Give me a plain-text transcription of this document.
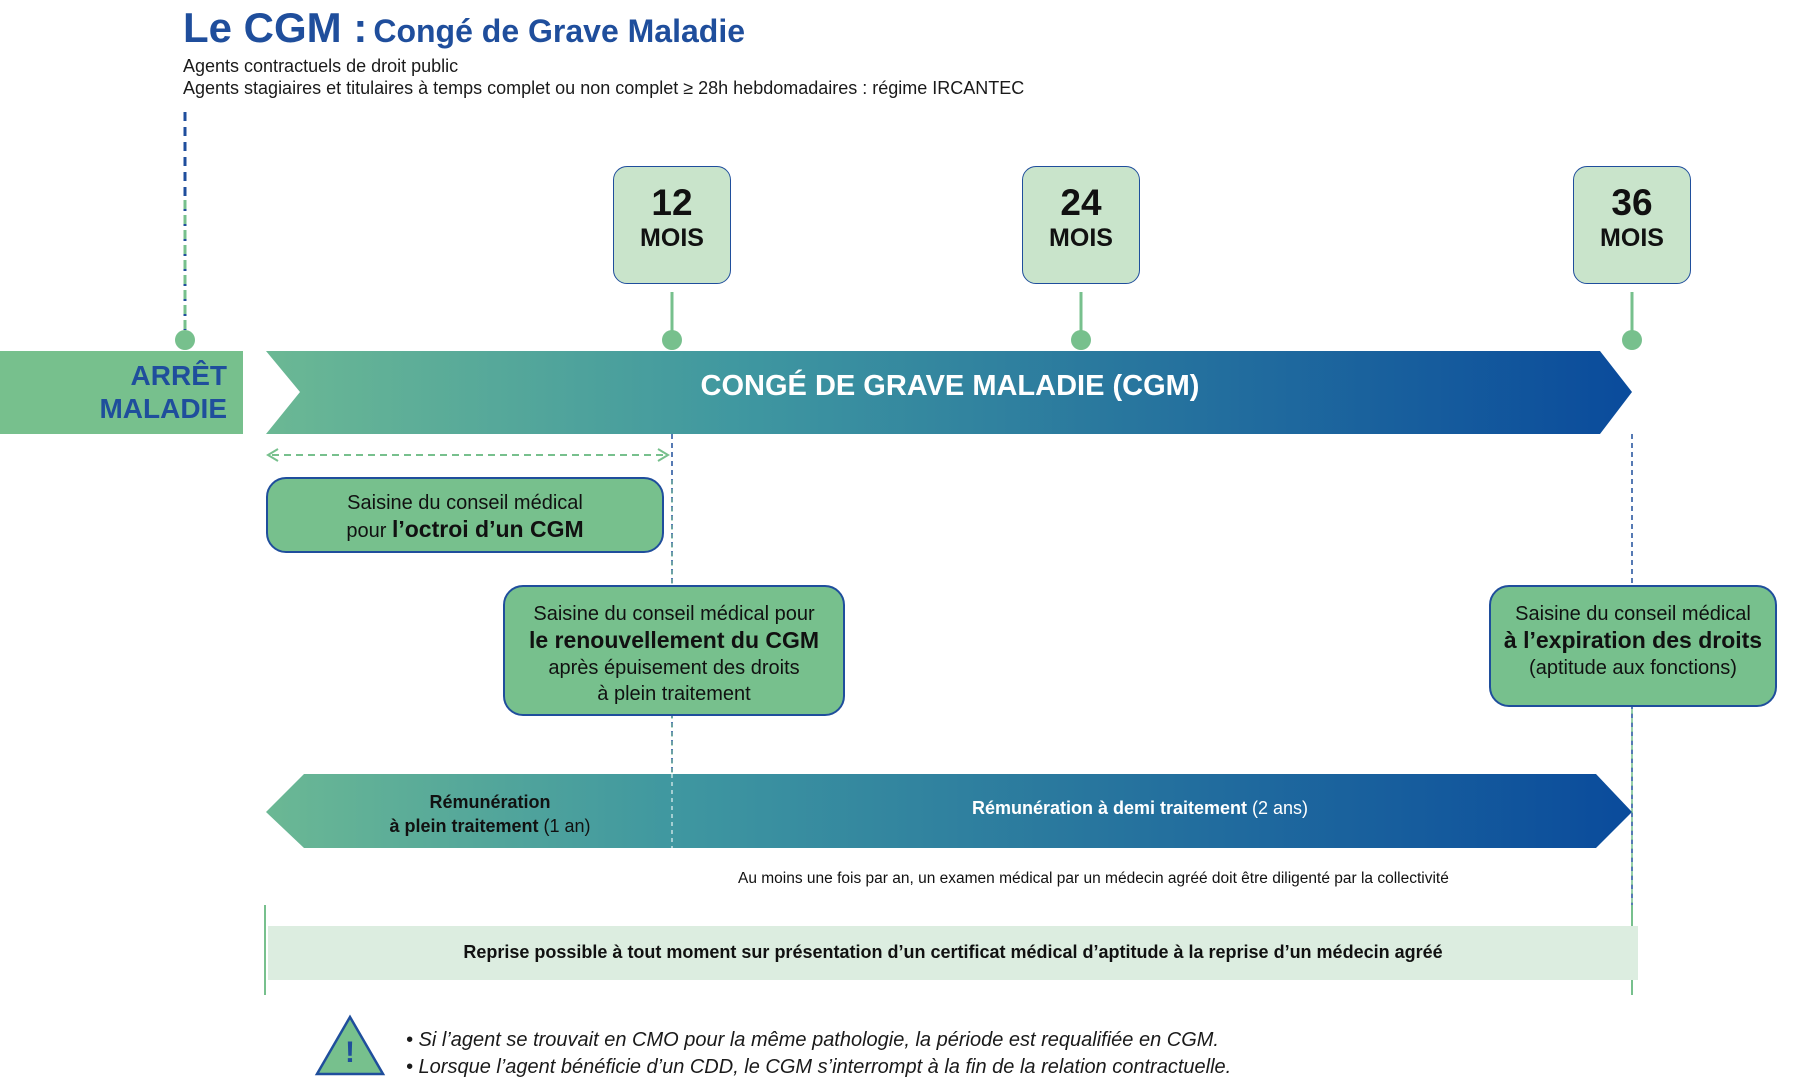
Le CGM : Congé de Grave Maladie
Agents contractuels de droit public
Agents stagiaires et titulaires à temps complet ou non complet ≥ 28h hebdomadaires : régime IRCANTEC
12
MOIS
24
MOIS
36
MOIS
ARRÊT
MALADIE
CONGÉ DE GRAVE MALADIE (CGM)
Saisine du conseil médical
pour l’octroi d’un CGM
Saisine du conseil médical pour
le renouvellement du CGM
après épuisement des droits
à plein traitement
Saisine du conseil médical
à l’expiration des droits
(aptitude aux fonctions)
Rémunération
à plein traitement (1 an)
Rémunération à demi traitement (2 ans)
Au moins une fois par an, un examen médical par un médecin agréé doit être diligenté par la collectivité
Reprise possible à tout moment sur présentation d’un certificat médical d’aptitude à la reprise d’un médecin agréé
!	• Si l’agent se trouvait en CMO pour la même pathologie, la période est requalifiée en CGM.
• Lorsque l’agent bénéficie d’un CDD, le CGM s’interrompt à la fin de la relation contractuelle.
